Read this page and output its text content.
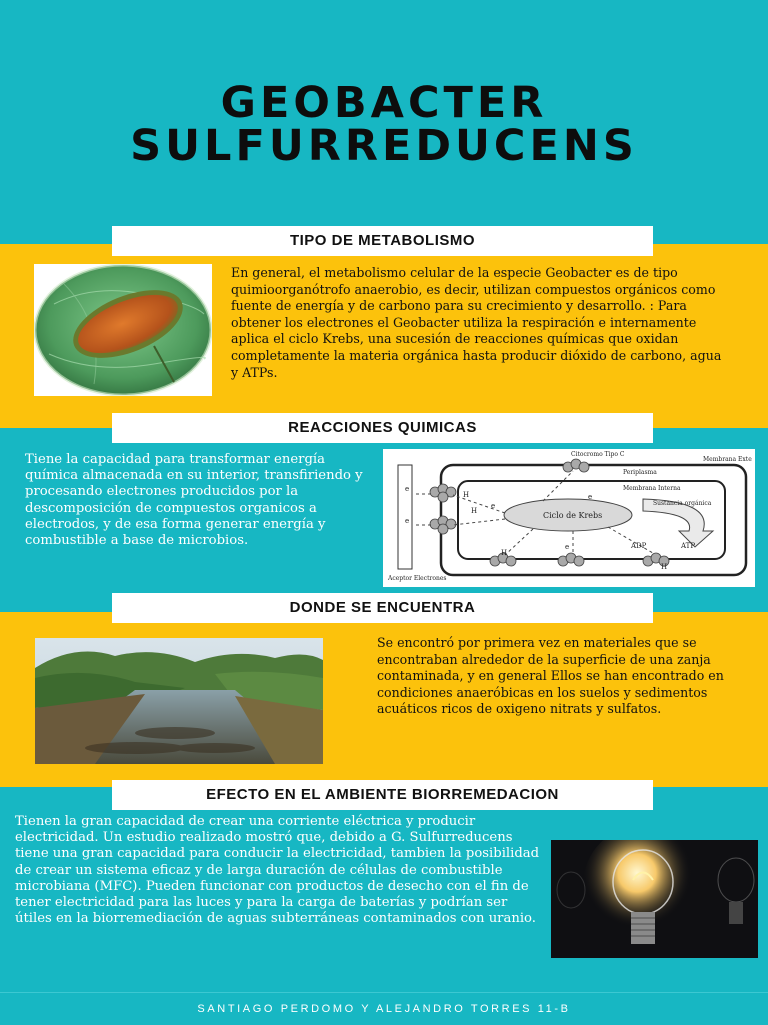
GEOBACTER
SULFURREDUCENS
TIPO DE METABOLISMO

En general, el metabolismo celular de la especie Geobacter es de tipo quimioorganótrofo anaerobio, es decir, utilizan compuestos orgánicos como fuente de energía y de carbono para su crecimiento y desarrollo. : Para obtener los electrones el Geobacter utiliza la respiración e internamente aplica el ciclo Krebs, una sucesión de reacciones químicas que oxidan completamente la materia orgánica hasta producir dióxido de carbono, agua y ATPs.

REACCIONES QUIMICAS

Tiene la capacidad para transformar energía química almacenada en su interior, transfiriendo y procesando electrones producidos por la descomposición de compuestos organicos a electrodos, y de esa forma generar energía y combustible a base de microbios.

Citocromo Tipo C
Membrana Exte
Periplasma
Membrana Interna
Ciclo de Krebs
Sustancia orgánica
ADP	ATP
H
H
H
H
e
e
e
e
e
Aceptor Electrones
DONDE SE ENCUENTRA

Se encontró por primera vez en materiales que se encontraban alrededor de la superficie de una zanja contaminada, y en general Ellos se han encontrado en condiciones anaeróbicas en los suelos y sedimentos acuáticos ricos de oxigeno nitrats y sulfatos.

EFECTO EN EL AMBIENTE BIORREMEDACION

Tienen la gran capacidad de crear una corriente eléctrica y producir electricidad. Un estudio realizado mostró que, debido a G. Sulfurreducens tiene una gran capacidad para conducir la electricidad, tambien la posibilidad de crear un sistema eficaz y de larga duración de células de combustible microbiana (MFC). Pueden funcionar con productos de desecho con el fin de tener electricidad para las luces y para la carga de baterías y podrían ser útiles en la biorremediación de aguas subterráneas contaminados con uranio.

SANTIAGO PERDOMO Y ALEJANDRO TORRES 11-B
